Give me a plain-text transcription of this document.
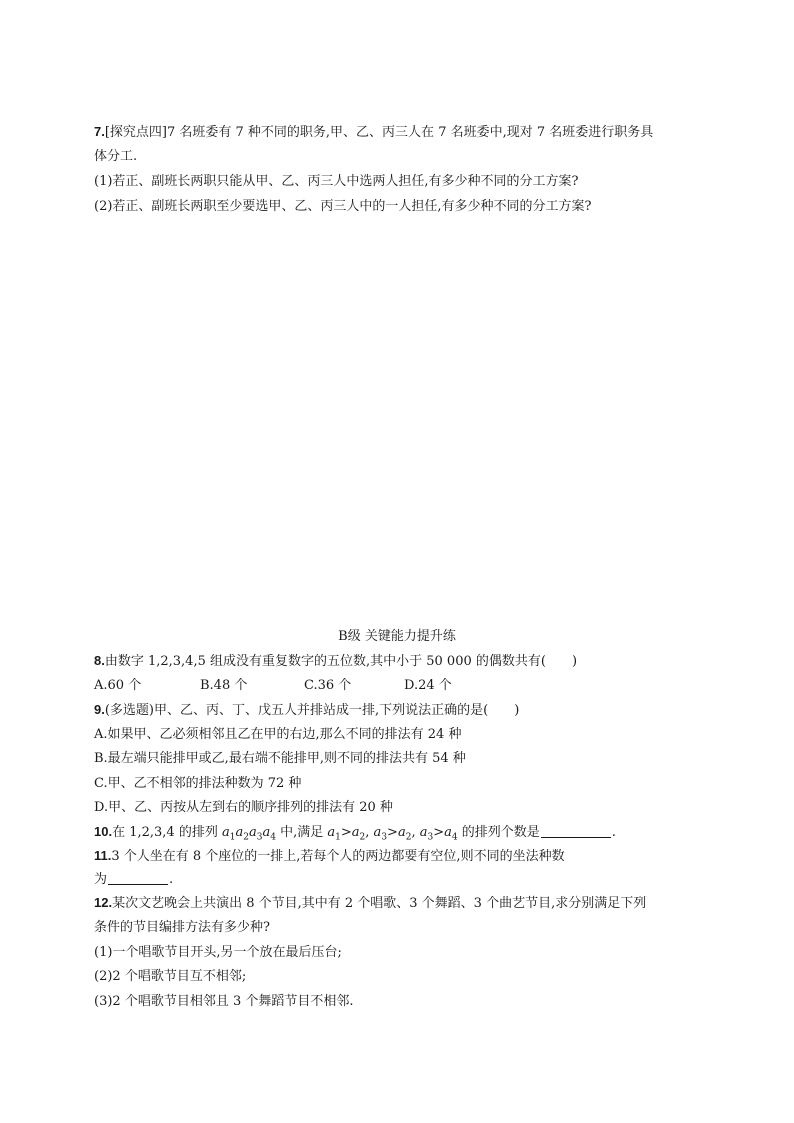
7.[探究点四]7 名班委有 7 种不同的职务,甲、乙、丙三人在 7 名班委中,现对 7 名班委进行职务具
体分工.
(1)若正、副班长两职只能从甲、乙、丙三人中选两人担任,有多少种不同的分工方案?
(2)若正、副班长两职至少要选甲、乙、丙三人中的一人担任,有多少种不同的分工方案?
B级 关键能力提升练
8.由数字 1,2,3,4,5 组成没有重复数字的五位数,其中小于 50 000 的偶数共有( )
A.60 个	B.48 个	C.36 个	D.24 个
9.(多选题)甲、乙、丙、丁、戊五人并排站成一排,下列说法正确的是( )
A.如果甲、乙必须相邻且乙在甲的右边,那么不同的排法有 24 种
B.最左端只能排甲或乙,最右端不能排甲,则不同的排法共有 54 种
C.甲、乙不相邻的排法种数为 72 种
D.甲、乙、丙按从左到右的顺序排列的排法有 20 种
10.在 1,2,3,4 的排列 $a_1a_2a_3a_4$ 中,满足 $a_1>a_2$, $a_3>a_2$, $a_3>a_4$ 的排列个数是	.
11.3 个人坐在有 8 个座位的一排上,若每个人的两边都要有空位,则不同的坐法种数
为	.
12.某次文艺晚会上共演出 8 个节目,其中有 2 个唱歌、3 个舞蹈、3 个曲艺节目,求分别满足下列
条件的节目编排方法有多少种?
(1)一个唱歌节目开头,另一个放在最后压台;
(2)2 个唱歌节目互不相邻;
(3)2 个唱歌节目相邻且 3 个舞蹈节目不相邻.
